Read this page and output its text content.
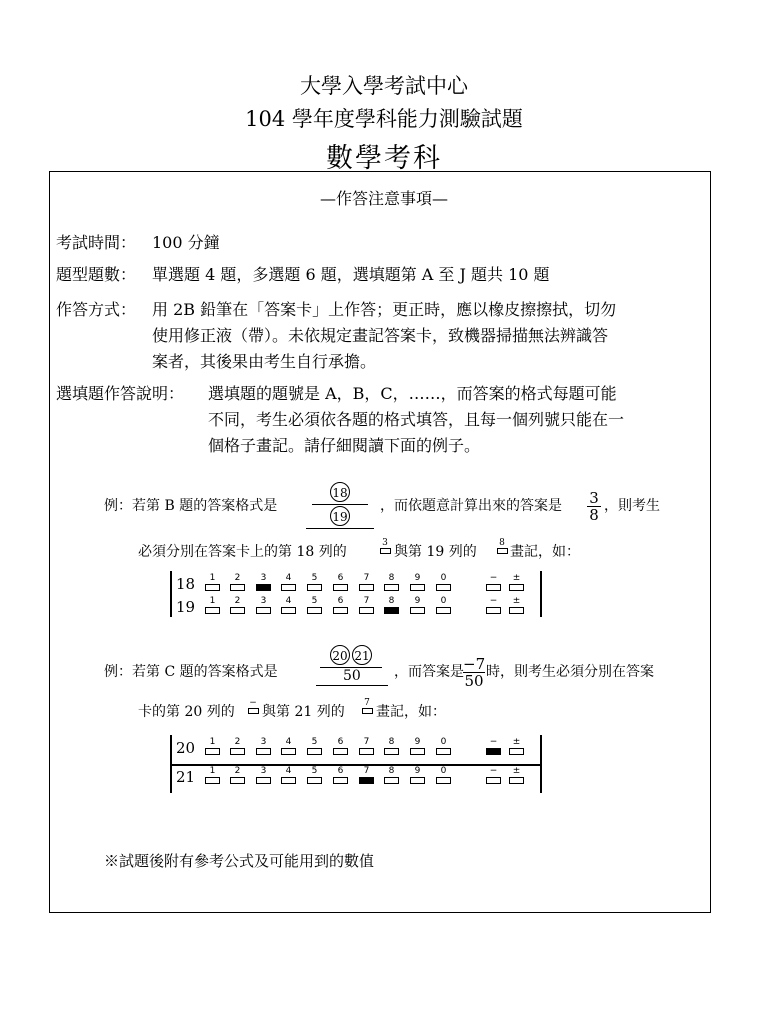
大學入學考試中心
104 學年度學科能力測驗試題
數學考科
—作答注意事項—
考試時間： 100 分鐘
題型題數： 單選題 4 題，多選題 6 題，選填題第 A 至 J 題共 10 題
作答方式： 用 2B 鉛筆在「答案卡」上作答；更正時，應以橡皮擦擦拭，切勿
使用修正液（帶）。未依規定畫記答案卡，致機器掃描無法辨識答
案者，其後果由考生自行承擔。
選填題作答說明： 選填題的題號是 A，B，C，……，而答案的格式每題可能
不同，考生必須依各題的格式填答，且每一個列號只能在一
個格子畫記。請仔細閱讀下面的例子。
例：若第 B 題的答案格式是
18
19
，而依題意計算出來的答案是 $\frac{3}{8}$ ，則考生
必須分別在答案卡上的第 18 列的
3
與第 19 列的
8
畫記，如：
18	1	2	3	4	5	6	7	8	9	0	−	±
19	1	2	3	4	5	6	7	8	9	0	−	±
例：若第 C 題的答案格式是
20 21
50 ，而答案是 $\frac{-7}{50}$ 時，則考生必須分別在答案
卡的第 20 列的
−
與第 21 列的
7
畫記，如：
20	1	2	3	4	5	6	7	8	9	0	−	±
21	1	2	3	4	5	6	7	8	9	0	−	±
※試題後附有參考公式及可能用到的數值
